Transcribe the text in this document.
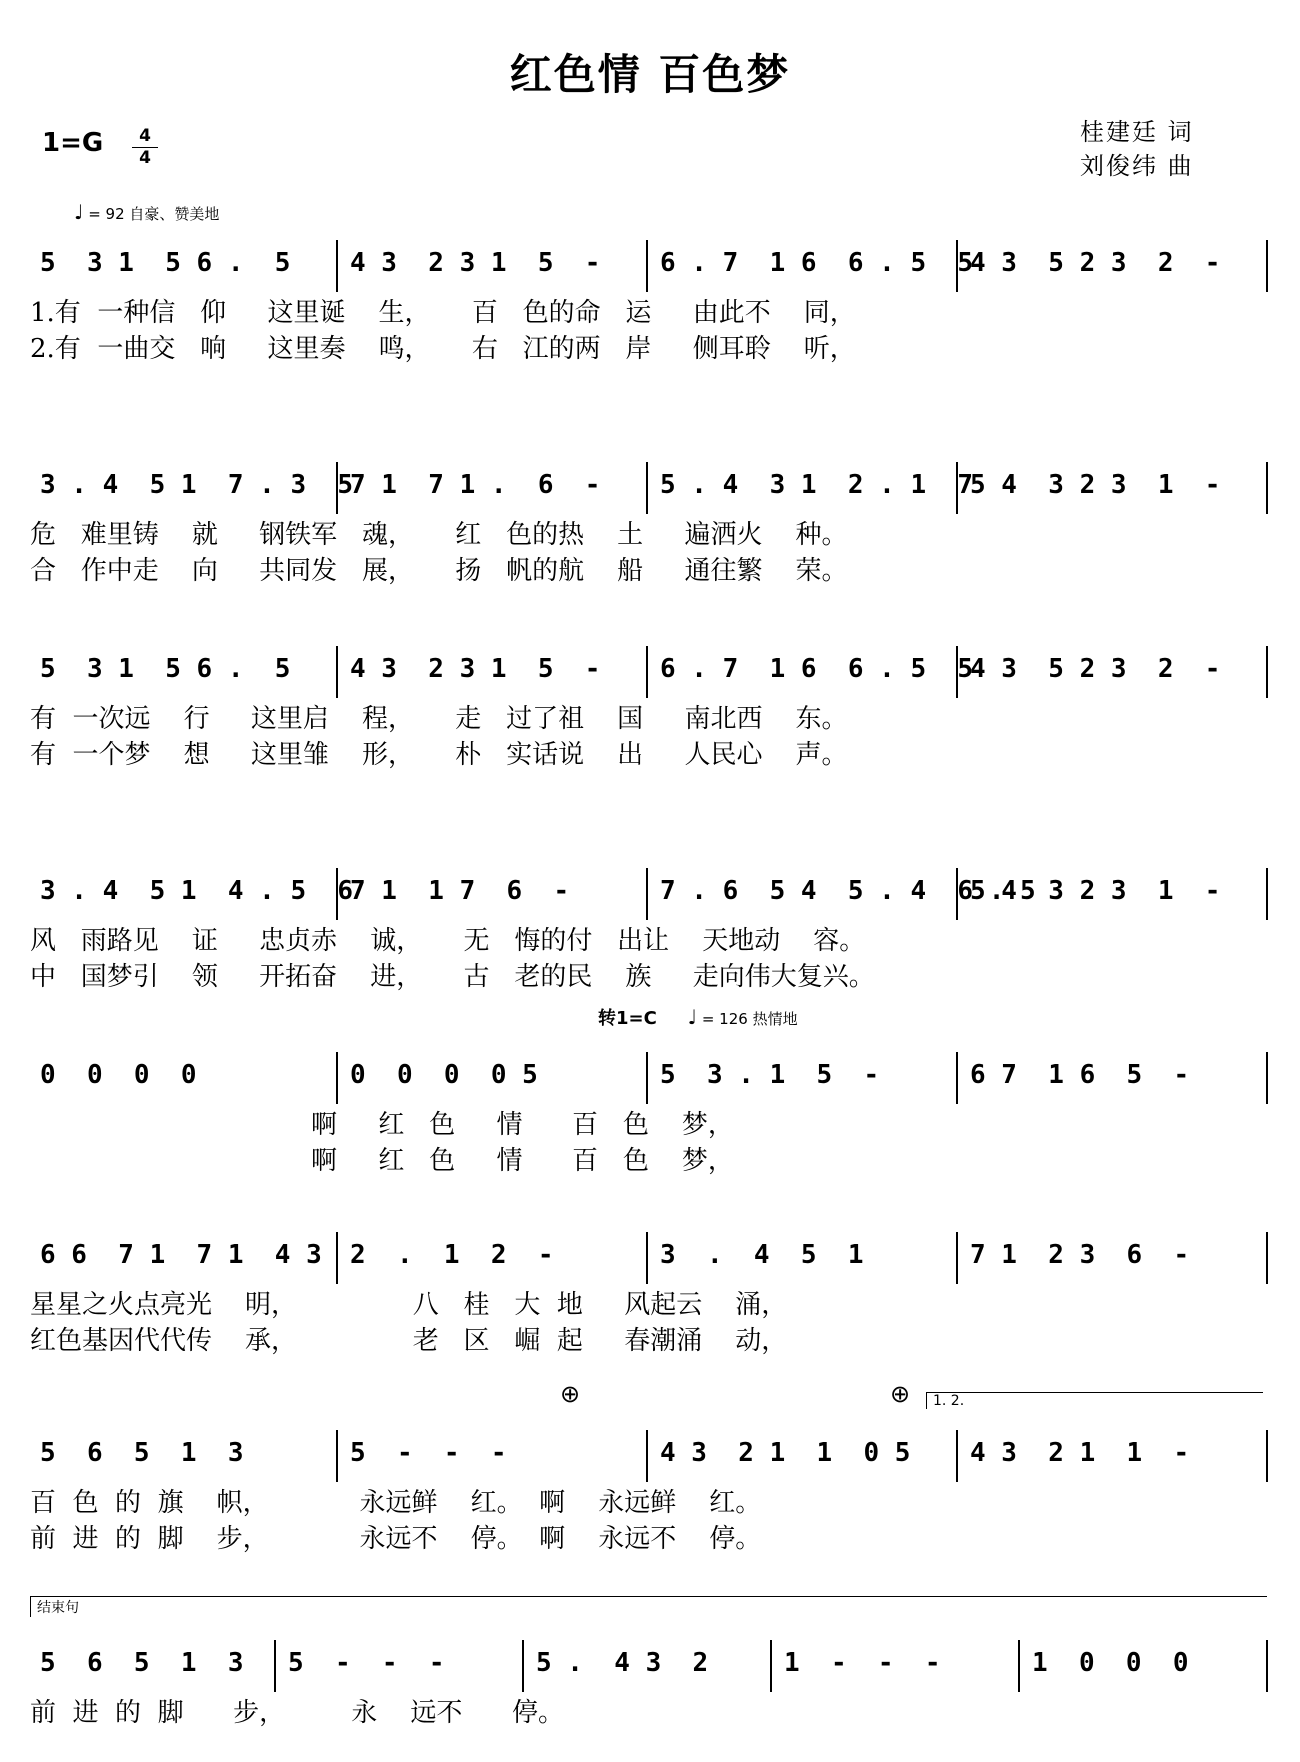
红色情 百色梦
1=G	4
4
桂建廷 词
刘俊纬 曲
♩ = 92 自豪、赞美地
转1=C ♩ = 126 热情地
⊕	⊕	1. 2.
结束句
5  3 1  5 6 .  5	4 3  2 3 1  5  -	6 . 7  1 6  6 . 5  5
4 3  5 2 3  2  -
1.有  一种信   仰     这里诞    生，     百   色的命   运     由此不    同，
2.有  一曲交   响     这里奏    鸣，     右   江的两   岸     侧耳聆    听，
3 . 4  5 1  7 . 3  5
7 1  7 1 .  6  -	5 . 4  3 1  2 . 1  7
5 4  3 2 3  1  -
危   难里铸    就     钢铁军   魂，     红   色的热    土     遍洒火    种。
合   作中走    向     共同发   展，     扬   帆的航    船     通往繁    荣。
5  3 1  5 6 .  5	4 3  2 3 1  5  -	6 . 7  1 6  6 . 5  5
4 3  5 2 3  2  -
有  一次远    行     这里启    程，     走   过了祖    国     南北西    东。
有  一个梦    想     这里雏    形，     朴   实话说    出     人民心    声。
3 . 4  5 1  4 . 5  6
7 1  1 7  6  -	7 . 6  5 4  5 . 4  6 . 5
5 4  3 2 3  1  -
风   雨路见    证     忠贞赤    诚，     无   悔的付   出让    天地动    容。
中   国梦引    领     开拓奋    进，     古   老的民    族     走向伟大复兴。
0  0  0  0	0  0  0  0 5	5  3 . 1  5  -	6 7  1 6  5  -
啊     红   色     情      百   色    梦，
啊     红   色     情      百   色    梦，
6 6  7 1  7 1  4 3	2  .  1  2  -	3  .  4  5  1	7 1  2 3  6  -
星星之火点亮光    明，              八   桂   大  地     风起云    涌，
红色基因代代传    承，              老   区   崛  起     春潮涌    动，
5  6  5  1  3	5  -  -  -	4 3  2 1  1  0 5	4 3  2 1  1  -
百  色  的  旗    帜，           永远鲜    红。  啊    永远鲜    红。
前  进  的  脚    步，           永远不    停。  啊    永远不    停。
5  6  5  1  3	5  -  -  -	5 .  4 3  2	1  -  -  -	1  0  0  0
前  进  的  脚      步，        永    远不      停。
